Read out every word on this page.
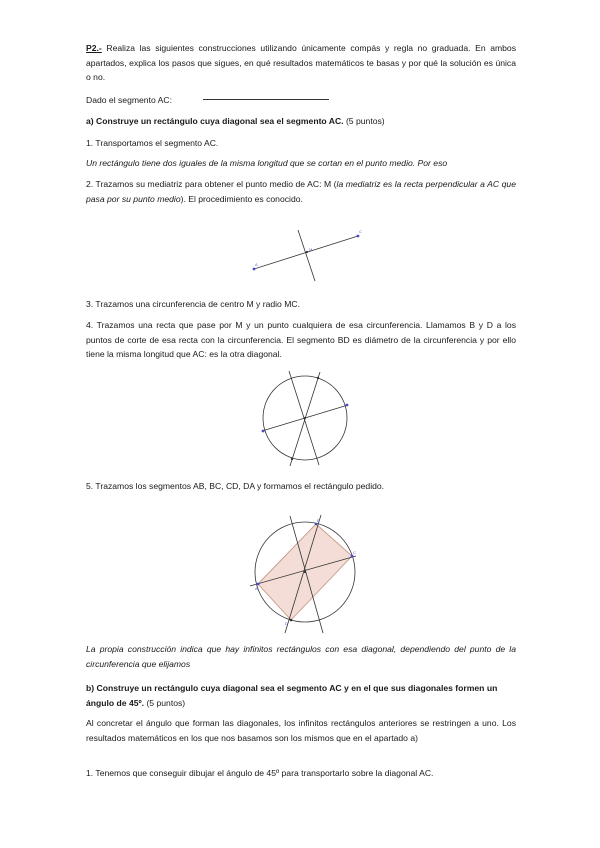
P2.- Realiza las siguientes construcciones utilizando únicamente compás y regla no graduada. En ambos apartados, explica los pasos que sigues, en qué resultados matemáticos te basas y por qué la solución es única o no.

Dado el segmento AC:

a) Construye un rectángulo cuya diagonal sea el segmento AC. (5 puntos)

1. Transportamos el segmento AC.

Un rectángulo tiene dos iguales de la misma longitud que se cortan en el punto medio. Por eso

2. Trazamos su mediatriz para obtener el punto medio de AC: M (la mediatriz es la recta perpendicular a AC que pasa por su punto medio). El procedimiento es conocido.

A
C
M

3. Trazamos una circunferencia de centro M y radio MC.

4. Trazamos una recta que pase por M y un punto cualquiera de esa circunferencia. Llamamos B y D a los puntos de corte de esa recta con la circunferencia. El segmento BD es diámetro de la circunferencia y por ello tiene la misma longitud que AC: es la otra diagonal.

5. Trazamos los segmentos AB, BC, CD, DA y formamos el rectángulo pedido.

A
B
C
D

La propia construcción indica que hay infinitos rectángulos con esa diagonal, dependiendo del punto de la circunferencia que elijamos

b) Construye un rectángulo cuya diagonal sea el segmento AC y en el que sus diagonales formen un ángulo de 45º. (5 puntos)

Al concretar el ángulo que forman las diagonales, los infinitos rectángulos anteriores se restringen a uno. Los resultados matemáticos en los que nos basamos son los mismos que en el apartado a)

1. Tenemos que conseguir dibujar el ángulo de 45º para transportarlo sobre la diagonal AC.
